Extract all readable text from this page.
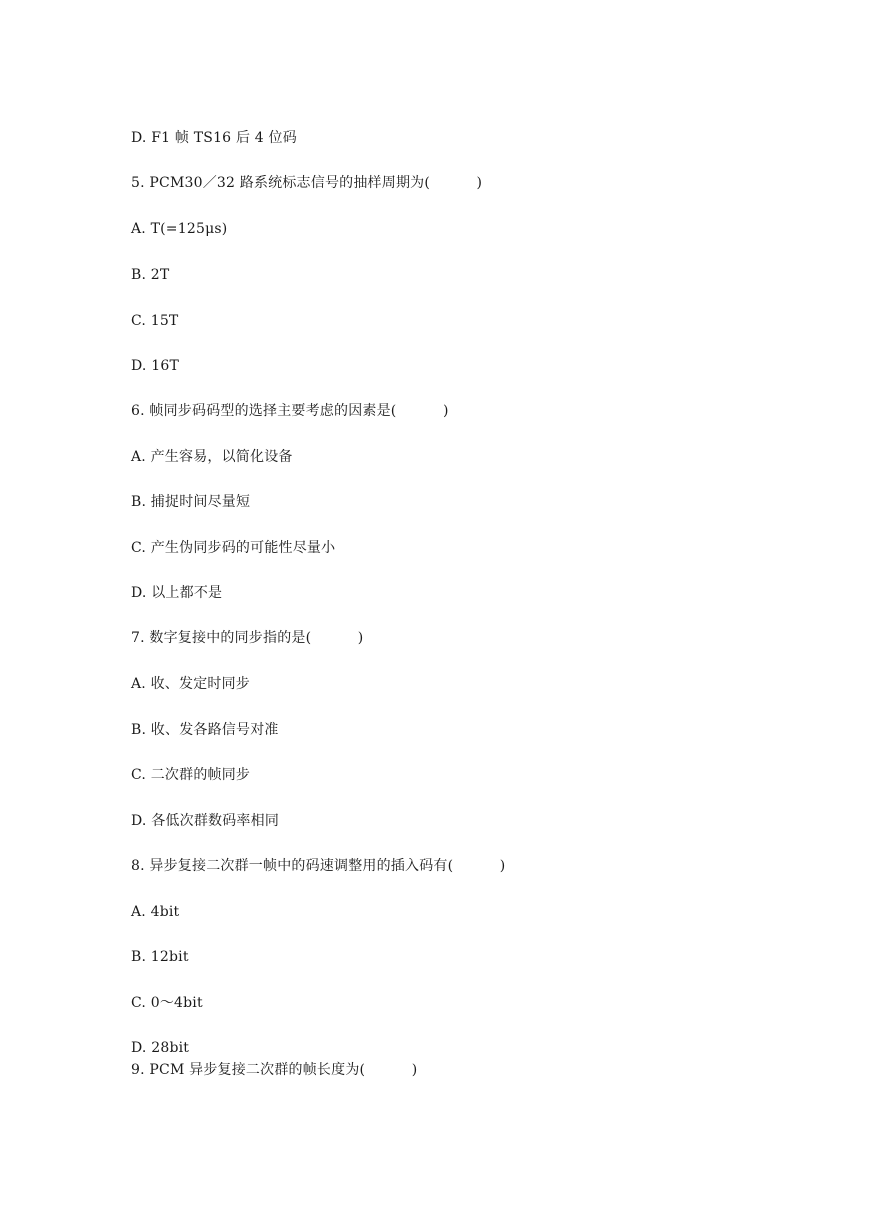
D. F1 帧 TS16 后 4 位码
5. PCM30／32 路系统标志信号的抽样周期为(          )
A. T(=125μs)
B. 2T
C. 15T
D. 16T
6. 帧同步码码型的选择主要考虑的因素是(          )
A. 产生容易，以简化设备
B. 捕捉时间尽量短
C. 产生伪同步码的可能性尽量小
D. 以上都不是
7. 数字复接中的同步指的是(          )
A. 收、发定时同步
B. 收、发各路信号对准
C. 二次群的帧同步
D. 各低次群数码率相同
8. 异步复接二次群一帧中的码速调整用的插入码有(          )
A. 4bit
B. 12bit
C. 0～4bit
D. 28bit
9. PCM 异步复接二次群的帧长度为(          )
